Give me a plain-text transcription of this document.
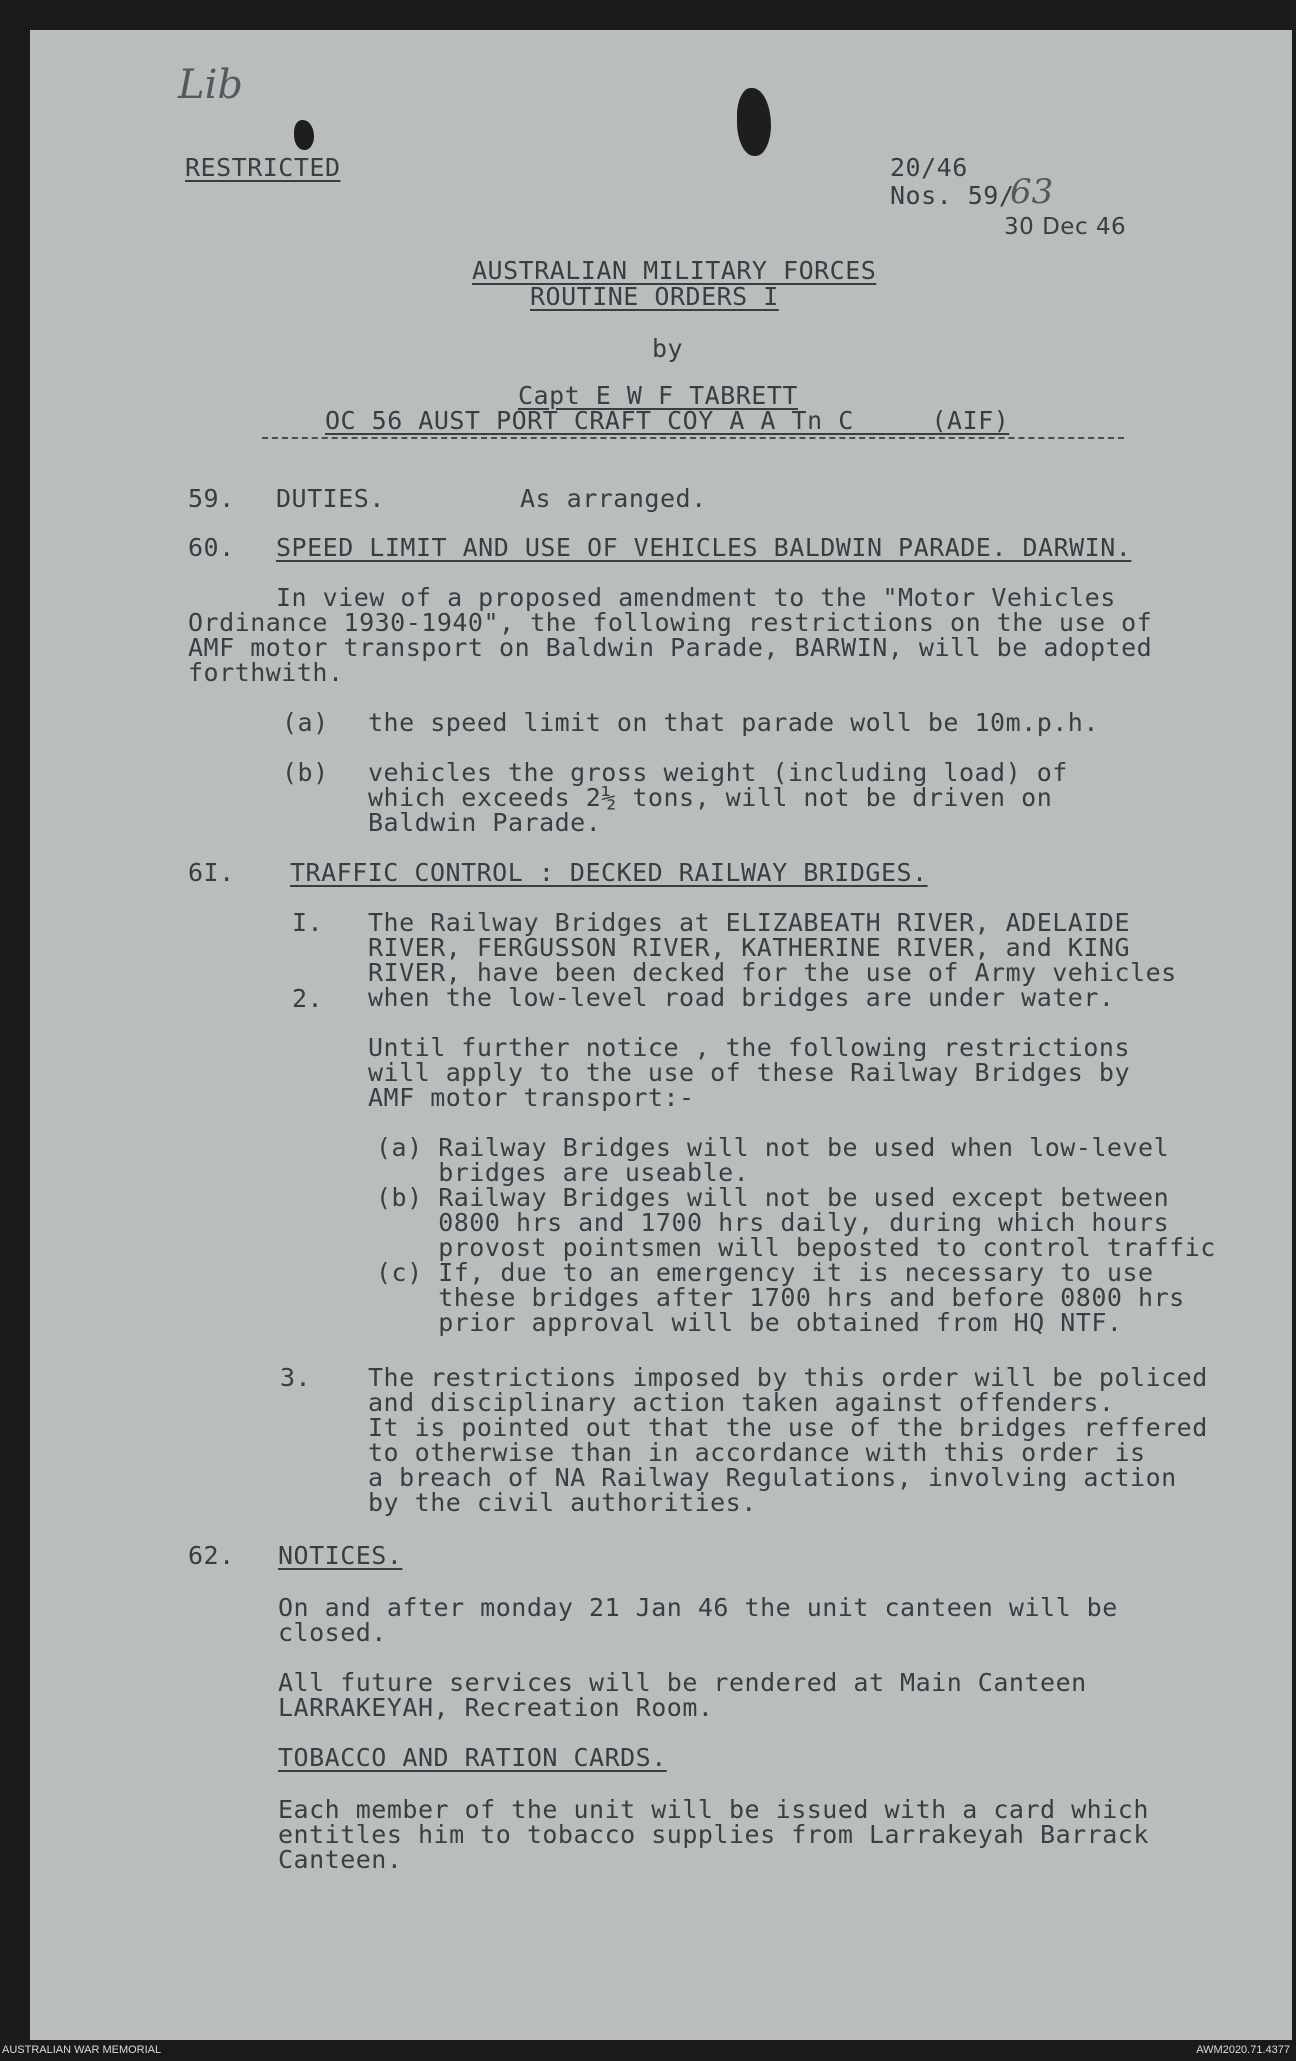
Lib
RESTRICTED	20/46
Nos. 59/
63
30 Dec 46
AUSTRALIAN MILITARY FORCES
ROUTINE ORDERS I
by
Capt E W F TABRETT
OC 56 AUST PORT CRAFT COY A A Tn C     (AIF)
59. DUTIES.	As arranged.
60. SPEED LIMIT AND USE OF VEHICLES BALDWIN PARADE. DARWIN.
In view of a proposed amendment to the "Motor Vehicles
Ordinance 1930-1940", the following restrictions on the use of
AMF motor transport on Baldwin Parade, BARWIN, will be adopted
forthwith.
(a) the speed limit on that parade woll be 10m.p.h.
(b) vehicles the gross weight (including load) of
which exceeds 2½ tons, will not be driven on
Baldwin Parade.
6I. TRAFFIC CONTROL : DECKED RAILWAY BRIDGES.
I. The Railway Bridges at ELIZABEATH RIVER, ADELAIDE
RIVER, FERGUSSON RIVER, KATHERINE RIVER, and KING
RIVER, have been decked for the use of Army vehicles
when the low-level road bridges are under water.
2.
Until further notice , the following restrictions
will apply to the use of these Railway Bridges by
AMF motor transport:-
(a) Railway Bridges will not be used when low-level
bridges are useable.
(b) Railway Bridges will not be used except between
0800 hrs and 1700 hrs daily, during which hours
provost pointsmen will beposted to control traffic
(c) If, due to an emergency it is necessary to use
these bridges after 1700 hrs and before 0800 hrs
prior approval will be obtained from HQ NTF.
3. The restrictions imposed by this order will be policed
and disciplinary action taken against offenders.
It is pointed out that the use of the bridges reffered
to otherwise than in accordance with this order is
a breach of NA Railway Regulations, involving action
by the civil authorities.
62. NOTICES.
On and after monday 21 Jan 46 the unit canteen will be
closed.
All future services will be rendered at Main Canteen
LARRAKEYAH, Recreation Room.
TOBACCO AND RATION CARDS.
Each member of the unit will be issued with a card which
entitles him to tobacco supplies from Larrakeyah Barrack
Canteen.
AUSTRALIAN WAR MEMORIAL	AWM2020.71.4377
